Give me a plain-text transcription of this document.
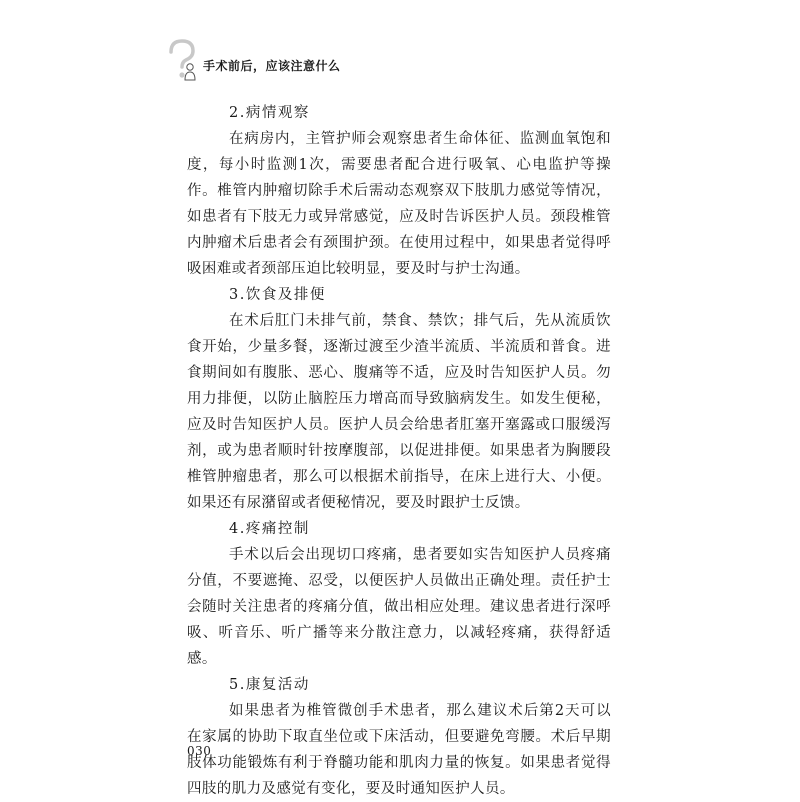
手术前后，应该注意什么
2.病情观察

在病房内，主管护师会观察患者生命体征、监测血氧饱和度，每小时监测1次，需要患者配合进行吸氧、心电监护等操作。椎管内肿瘤切除手术后需动态观察双下肢肌力感觉等情况，如患者有下肢无力或异常感觉，应及时告诉医护人员。颈段椎管内肿瘤术后患者会有颈围护颈。在使用过程中，如果患者觉得呼吸困难或者颈部压迫比较明显，要及时与护士沟通。

3.饮食及排便

在术后肛门未排气前，禁食、禁饮；排气后，先从流质饮食开始，少量多餐，逐渐过渡至少渣半流质、半流质和普食。进食期间如有腹胀、恶心、腹痛等不适，应及时告知医护人员。勿用力排便，以防止脑腔压力增高而导致脑病发生。如发生便秘，应及时告知医护人员。医护人员会给患者肛塞开塞露或口服缓泻剂，或为患者顺时针按摩腹部，以促进排便。如果患者为胸腰段椎管肿瘤患者，那么可以根据术前指导，在床上进行大、小便。如果还有尿潴留或者便秘情况，要及时跟护士反馈。

4.疼痛控制

手术以后会出现切口疼痛，患者要如实告知医护人员疼痛分值，不要遮掩、忍受，以便医护人员做出正确处理。责任护士会随时关注患者的疼痛分值，做出相应处理。建议患者进行深呼吸、听音乐、听广播等来分散注意力，以减轻疼痛，获得舒适感。

5.康复活动

如果患者为椎管微创手术患者，那么建议术后第2天可以在家属的协助下取直坐位或下床活动，但要避免弯腰。术后早期肢体功能锻炼有利于脊髓功能和肌肉力量的恢复。如果患者觉得四肢的肌力及感觉有变化，要及时通知医护人员。

030
